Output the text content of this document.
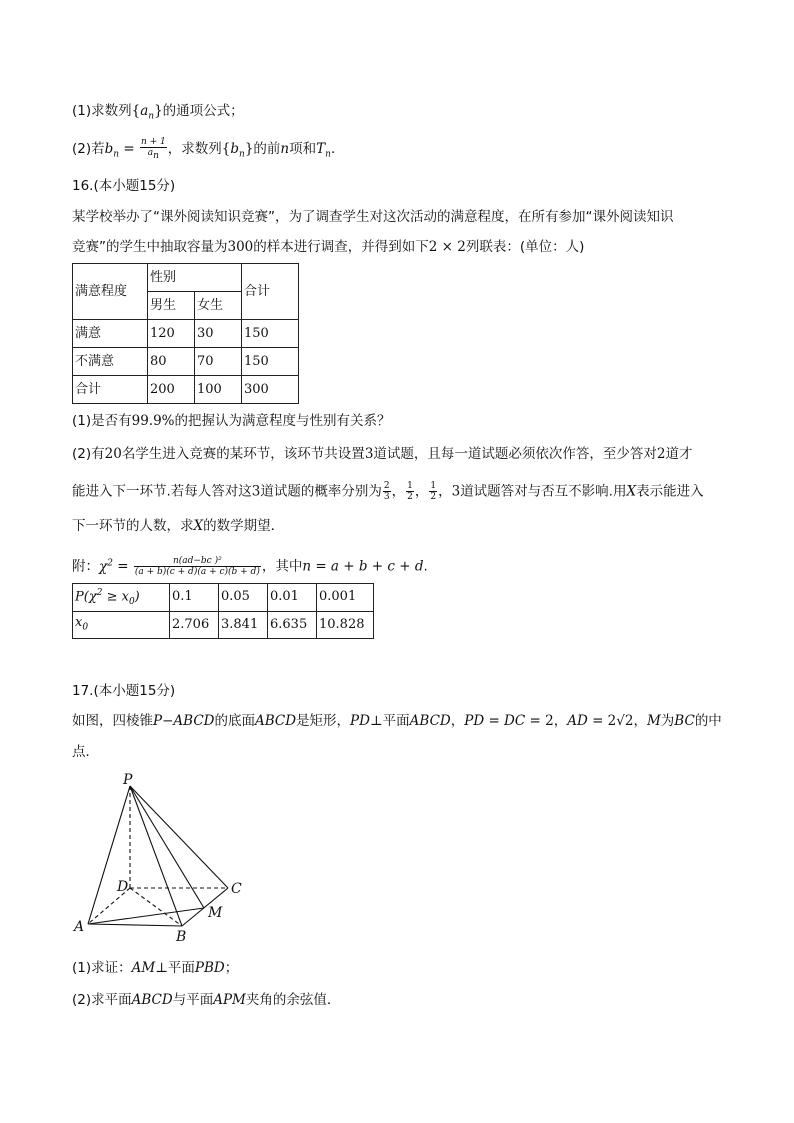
(1)求数列$\{a_n\}$的通项公式；
(2)若$b_n = \frac{n + 1}{a_n}$ ，求数列$\{b_n\}$的前n项和$T_n$.
16.(本小题15分)
某学校举办了“课外阅读知识竞赛”，为了调查学生对这次活动的满意程度，在所有参加“课外阅读知识
竞赛”的学生中抽取容量为300的样本进行调查，并得到如下2 × 2列联表：(单位：人)
满意程度	性别		合计
	男生	女生	
满意	120	30	150
不满意	80	70	150
合计	200	100	300
(1)是否有99.9%的把握认为满意程度与性别有关系？
(2)有20名学生进入竞赛的某环节，该环节共设置3道试题，且每一道试题必须依次作答，至少答对2道才
能进入下一环节.若每人答对这3道试题的概率分别为 $\frac{2}{3}$ ， $\frac{1}{2}$ ， $\frac{1}{2}$ ，3道试题答对与否互不影响.用X表示能进入
下一环节的人数，求X的数学期望．
附：$\chi^2 = \frac{\text{n(ad−bc )²}}{(a + b)(c + d)(a + c)(b + d)}$ ，其中n = a + b + c + d.
$P(\chi^2 \ge x_0)$	0.1	0.05	0.01	0.001
$x_0$	2.706	3.841	6.635	10.828
17.(本小题15分)
如图，四棱锥P−ABCD的底面ABCD是矩形，PD⊥平面ABCD，PD = DC = 2，AD = 2√2，M为BC的中
点．
P
D	C
A
B
M
(1)求证：AM⊥平面PBD；
(2)求平面ABCD与平面APM夹角的余弦值．
